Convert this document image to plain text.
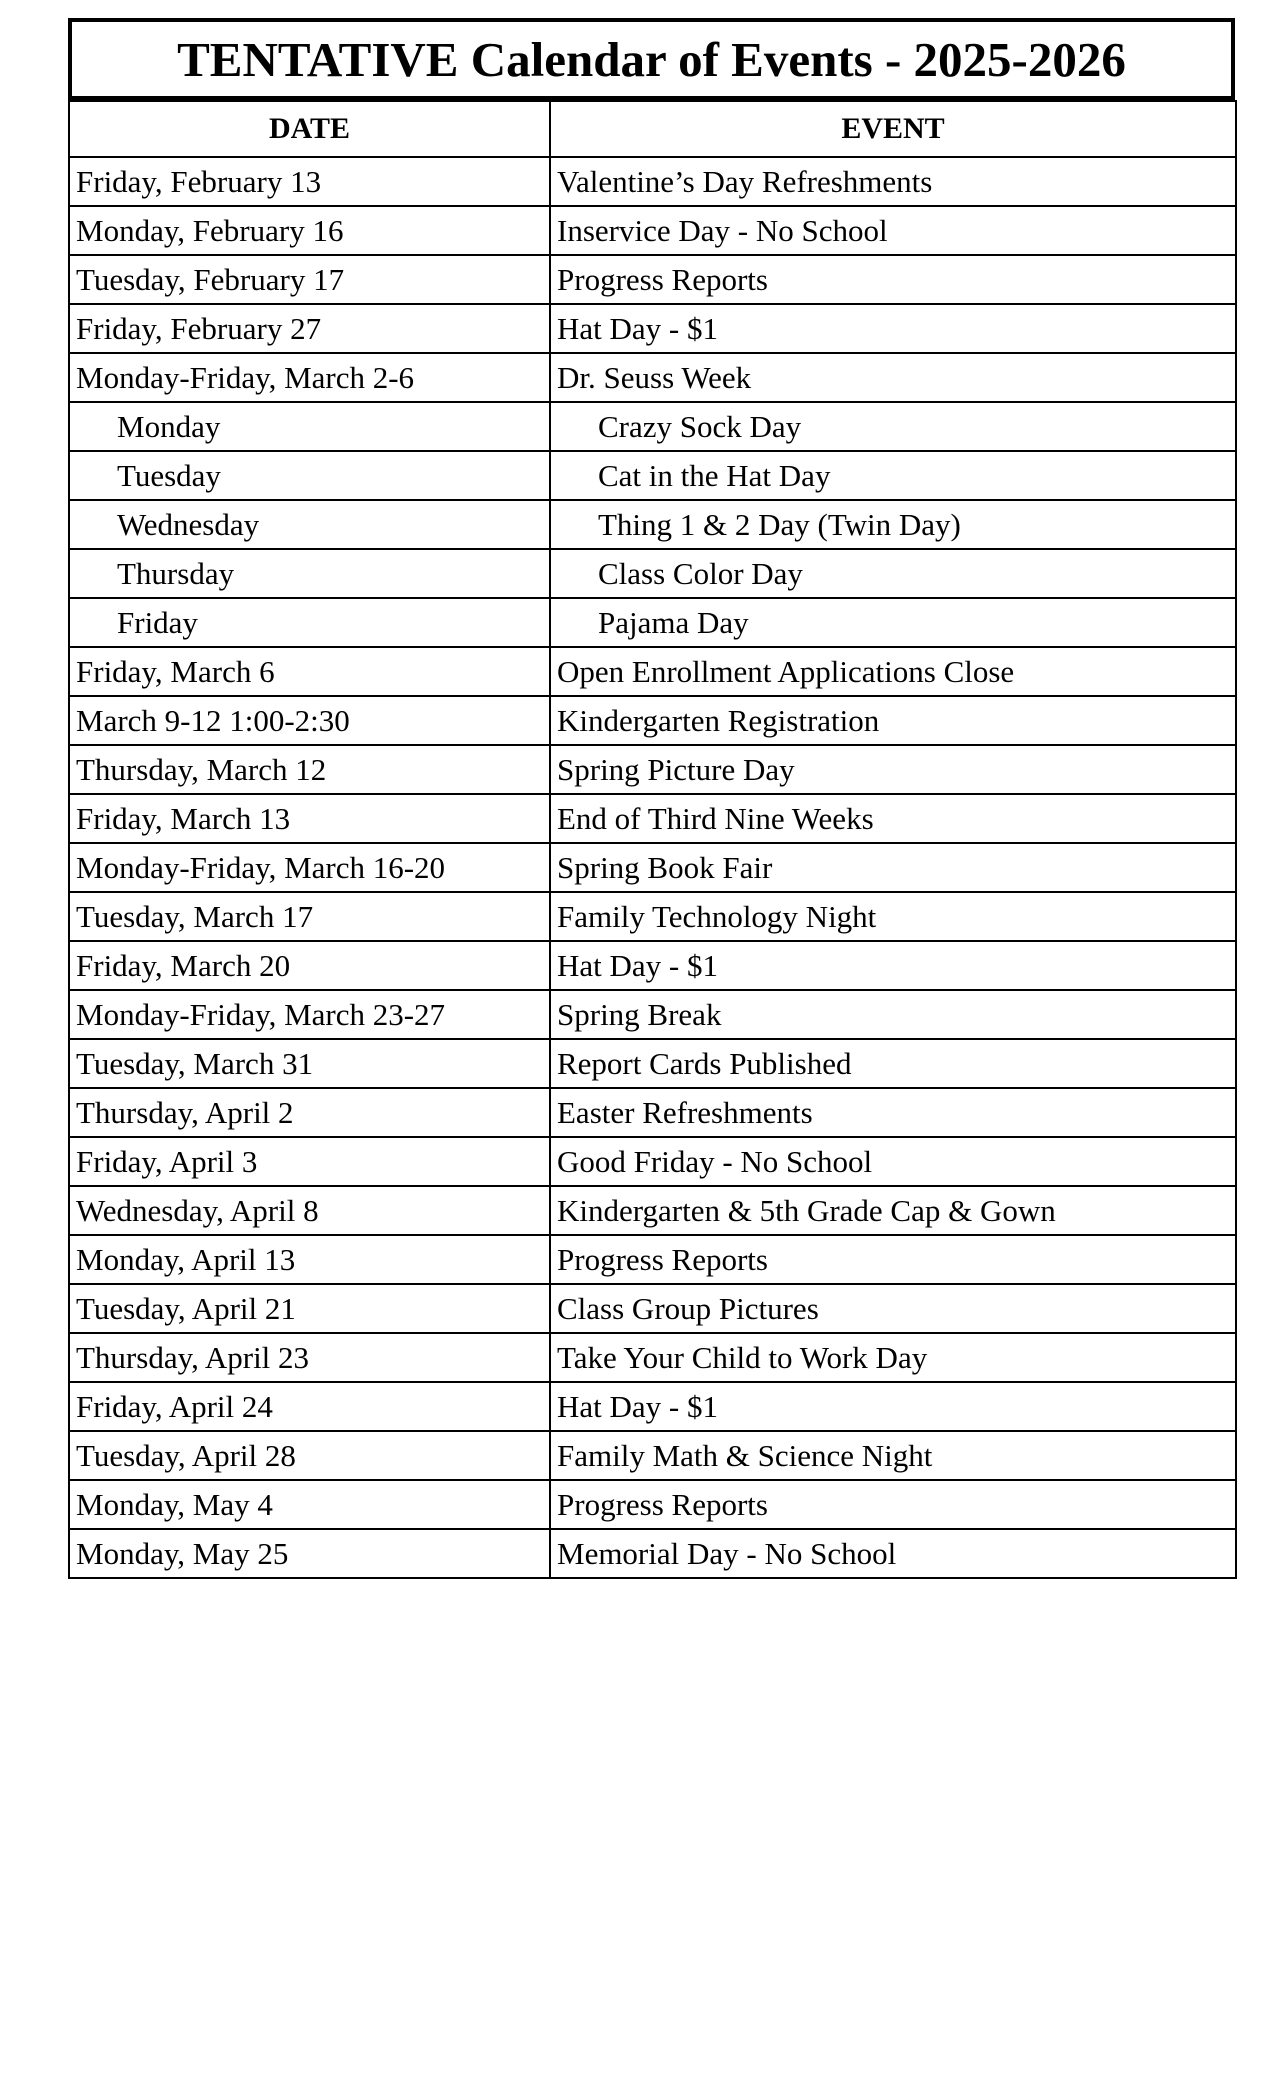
TENTATIVE Calendar of Events - 2025-2026
DATE	EVENT
Friday, February 13	Valentine’s Day Refreshments
Monday, February 16	Inservice Day - No School
Tuesday, February 17	Progress Reports
Friday, February 27	Hat Day - $1
Monday-Friday, March 2-6	Dr. Seuss Week
Monday	Crazy Sock Day
Tuesday	Cat in the Hat Day
Wednesday	Thing 1 & 2 Day (Twin Day)
Thursday	Class Color Day
Friday	Pajama Day
Friday, March 6	Open Enrollment Applications Close
March 9-12 1:00-2:30	Kindergarten Registration
Thursday, March 12	Spring Picture Day
Friday, March 13	End of Third Nine Weeks
Monday-Friday, March 16-20	Spring Book Fair
Tuesday, March 17	Family Technology Night
Friday, March 20	Hat Day - $1
Monday-Friday, March 23-27	Spring Break
Tuesday, March 31	Report Cards Published
Thursday, April 2	Easter Refreshments
Friday, April 3	Good Friday - No School
Wednesday, April 8	Kindergarten & 5th Grade Cap & Gown
Monday, April 13	Progress Reports
Tuesday, April 21	Class Group Pictures
Thursday, April 23	Take Your Child to Work Day
Friday, April 24	Hat Day - $1
Tuesday, April 28	Family Math & Science Night
Monday, May 4	Progress Reports
Monday, May 25	Memorial Day - No School
